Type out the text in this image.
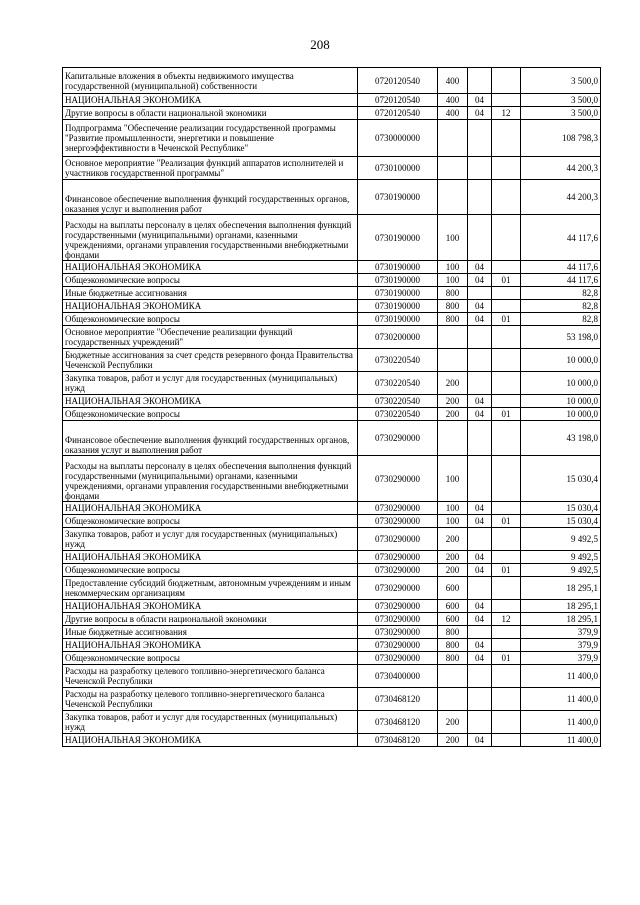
208
Капитальные вложения в объекты недвижимого имущества государственной (муниципальной) собственности	0720120540	400			3 500,0
НАЦИОНАЛЬНАЯ ЭКОНОМИКА	0720120540	400	04		3 500,0
Другие вопросы в области национальной экономики	0720120540	400	04	12	3 500,0
Подпрограмма "Обеспечение реализации государственной программы "Развитие промышленности, энергетики и повышение энергоэффективности в Чеченской Республике"	0730000000				108 798,3
Основное мероприятие "Реализация функций аппаратов исполнителей и участников государственной программы"	0730100000				44 200,3
Финансовое обеспечение выполнения функций государственных органов, оказания услуг и выполнения работ	0730190000				44 200,3
Расходы на выплаты персоналу в целях обеспечения выполнения функций государственными (муниципальными) органами, казенными учреждениями, органами управления государственными внебюджетными фондами	0730190000	100			44 117,6
НАЦИОНАЛЬНАЯ ЭКОНОМИКА	0730190000	100	04		44 117,6
Общеэкономические вопросы	0730190000	100	04	01	44 117,6
Иные бюджетные ассигнования	0730190000	800			82,8
НАЦИОНАЛЬНАЯ ЭКОНОМИКА	0730190000	800	04		82,8
Общеэкономические вопросы	0730190000	800	04	01	82,8
Основное мероприятие "Обеспечение реализации функций государственных учреждений"	0730200000				53 198,0
Бюджетные ассигнования за счет средств резервного фонда Правительства Чеченской Республики	0730220540				10 000,0
Закупка товаров, работ и услуг для государственных (муниципальных) нужд	0730220540	200			10 000,0
НАЦИОНАЛЬНАЯ ЭКОНОМИКА	0730220540	200	04		10 000,0
Общеэкономические вопросы	0730220540	200	04	01	10 000,0
Финансовое обеспечение выполнения функций государственных органов, оказания услуг и выполнения работ	0730290000				43 198,0
Расходы на выплаты персоналу в целях обеспечения выполнения функций государственными (муниципальными) органами, казенными учреждениями, органами управления государственными внебюджетными фондами	0730290000	100			15 030,4
НАЦИОНАЛЬНАЯ ЭКОНОМИКА	0730290000	100	04		15 030,4
Общеэкономические вопросы	0730290000	100	04	01	15 030,4
Закупка товаров, работ и услуг для государственных (муниципальных) нужд	0730290000	200			9 492,5
НАЦИОНАЛЬНАЯ ЭКОНОМИКА	0730290000	200	04		9 492,5
Общеэкономические вопросы	0730290000	200	04	01	9 492,5
Предоставление субсидий бюджетным, автономным учреждениям и иным некоммерческим организациям	0730290000	600			18 295,1
НАЦИОНАЛЬНАЯ ЭКОНОМИКА	0730290000	600	04		18 295,1
Другие вопросы в области национальной экономики	0730290000	600	04	12	18 295,1
Иные бюджетные ассигнования	0730290000	800			379,9
НАЦИОНАЛЬНАЯ ЭКОНОМИКА	0730290000	800	04		379,9
Общеэкономические вопросы	0730290000	800	04	01	379,9
Расходы на разработку целевого топливно-энергетического баланса Чеченской Республики	0730400000				11 400,0
Расходы на разработку целевого топливно-энергетического баланса Чеченской Республики	0730468120				11 400,0
Закупка товаров, работ и услуг для государственных (муниципальных) нужд	0730468120	200			11 400,0
НАЦИОНАЛЬНАЯ ЭКОНОМИКА	0730468120	200	04		11 400,0
